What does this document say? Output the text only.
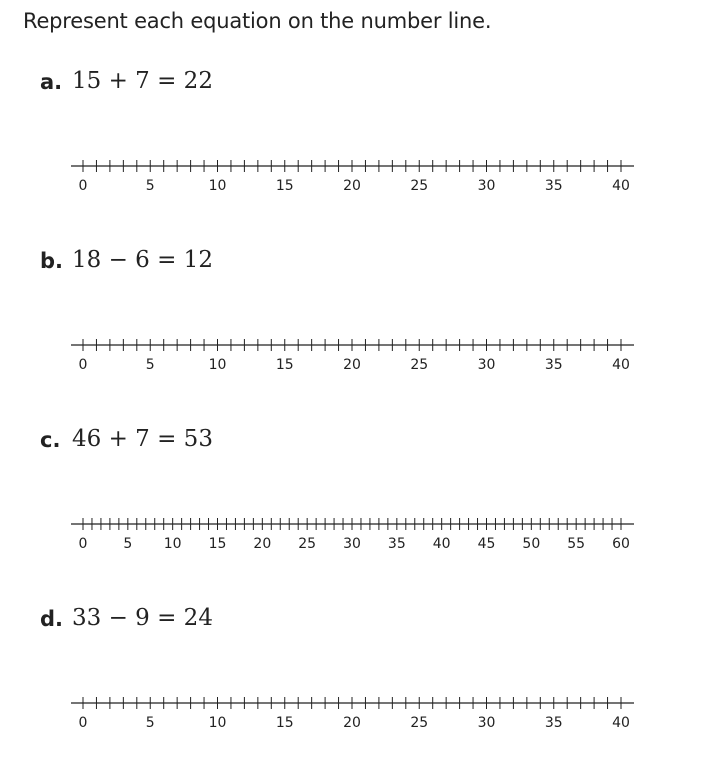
Represent each equation on the number line.
a. 15 + 7 = 22
0	5	10	15	20	25	30	35	40
b. 18 − 6 = 12
0	5	10	15	20	25	30	35	40
c. 46 + 7 = 53
0	5 10 15 20 25 30 35 40 45 50 55 60
d. 33 − 9 = 24
0	5	10	15	20	25	30	35	40
